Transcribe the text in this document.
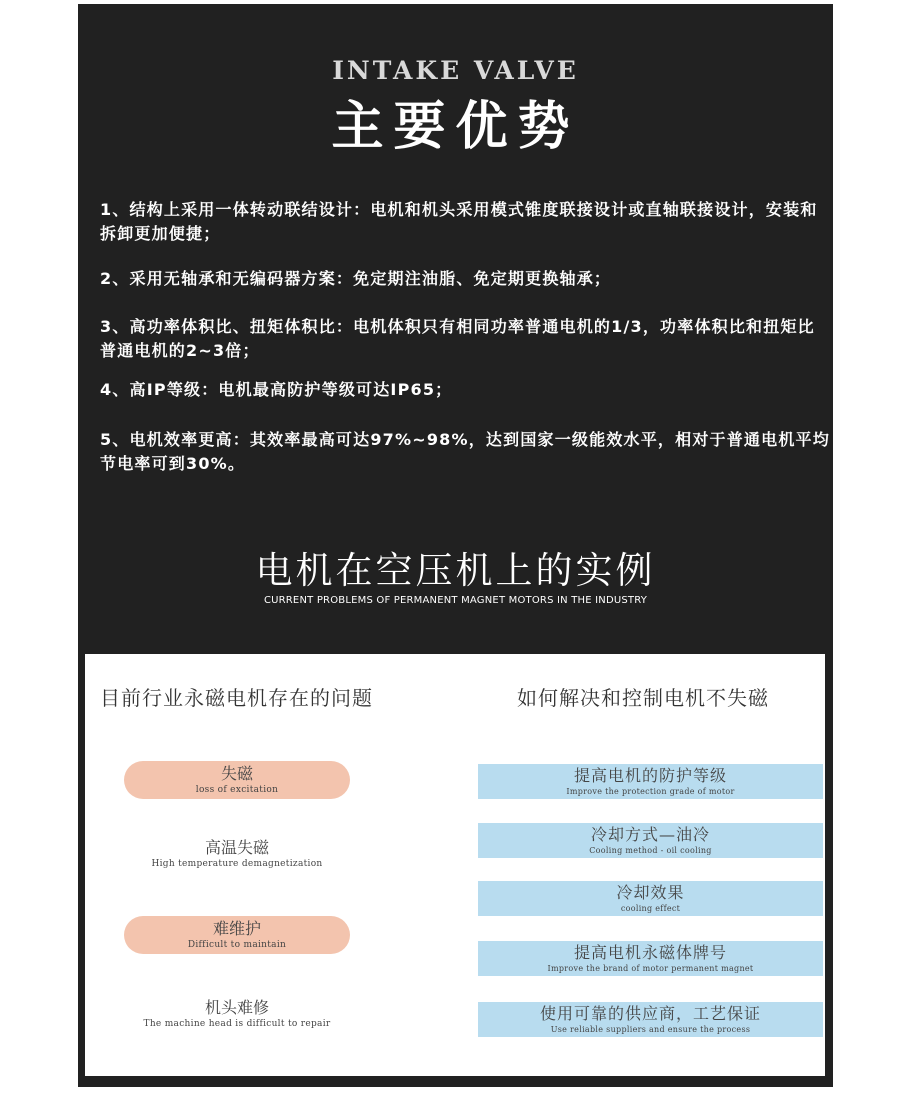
INTAKE VALVE
主要优势
1、结构上采用一体转动联结设计：电机和机头采用模式锥度联接设计或直轴联接设计，安装和拆卸更加便捷；
2、采用无轴承和无编码器方案：免定期注油脂、免定期更换轴承；
3、高功率体积比、扭矩体积比：电机体积只有相同功率普通电机的1/3，功率体积比和扭矩比普通电机的2~3倍；
4、高IP等级：电机最高防护等级可达IP65；
5、电机效率更高：其效率最高可达97%~98%，达到国家一级能效水平，相对于普通电机平均节电率可到30%。
电机在空压机上的实例
CURRENT PROBLEMS OF PERMANENT MAGNET MOTORS IN THE INDUSTRY
目前行业永磁电机存在的问题	如何解决和控制电机不失磁
失磁
loss of excitation
高温失磁
High temperature demagnetization
难维护
Difficult to maintain
机头难修
The machine head is difficult to repair
提高电机的防护等级
Improve the protection grade of motor
冷却方式—油冷
Cooling method - oil cooling
冷却效果
cooling effect
提高电机永磁体牌号
Improve the brand of motor permanent magnet
使用可靠的供应商，工艺保证
Use reliable suppliers and ensure the process
